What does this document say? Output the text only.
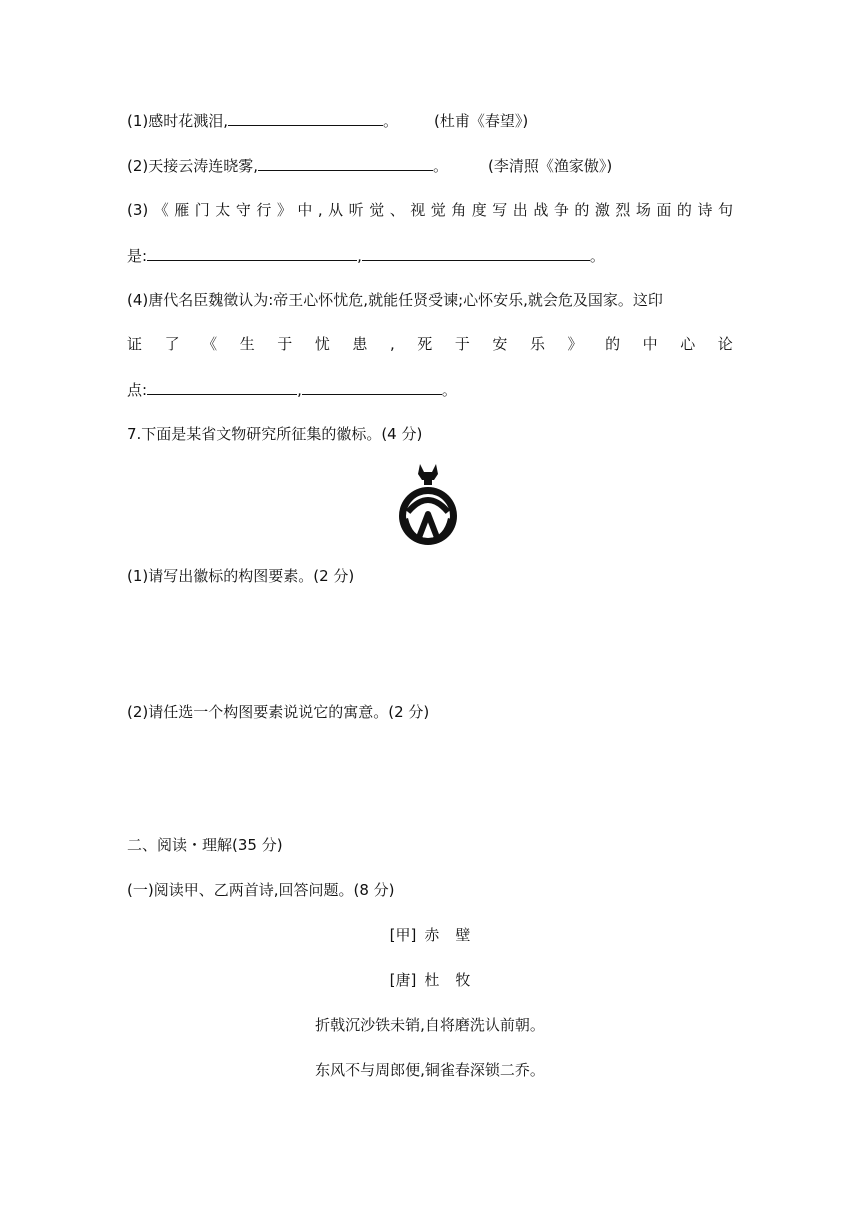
(1)感时花溅泪,	。 (杜甫《春望》)
(2)天接云涛连晓雾,	。	(李清照《渔家傲》)
(3) 《 雁 门 太 守 行 》 中 , 从 听 觉 、 视 觉 角 度 写 出 战 争 的 激 烈 场 面 的 诗 句
是:	,	。
(4)唐代名臣魏徵认为:帝王心怀忧危,就能任贤受谏;心怀安乐,就会危及国家。这印
证 了 《 生 于 忧 患 , 死 于 安 乐 》 的 中 心 论
点:	,	。
7.下面是某省文物研究所征集的徽标。(4 分)
(1)请写出徽标的构图要素。(2 分)
(2)请任选一个构图要素说说它的寓意。(2 分)
二、阅读・理解(35 分)
(一)阅读甲、乙两首诗,回答问题。(8 分)
[甲] 赤 壁
[唐] 杜 牧
折戟沉沙铁未销,自将磨洗认前朝。
东风不与周郎便,铜雀春深锁二乔。
